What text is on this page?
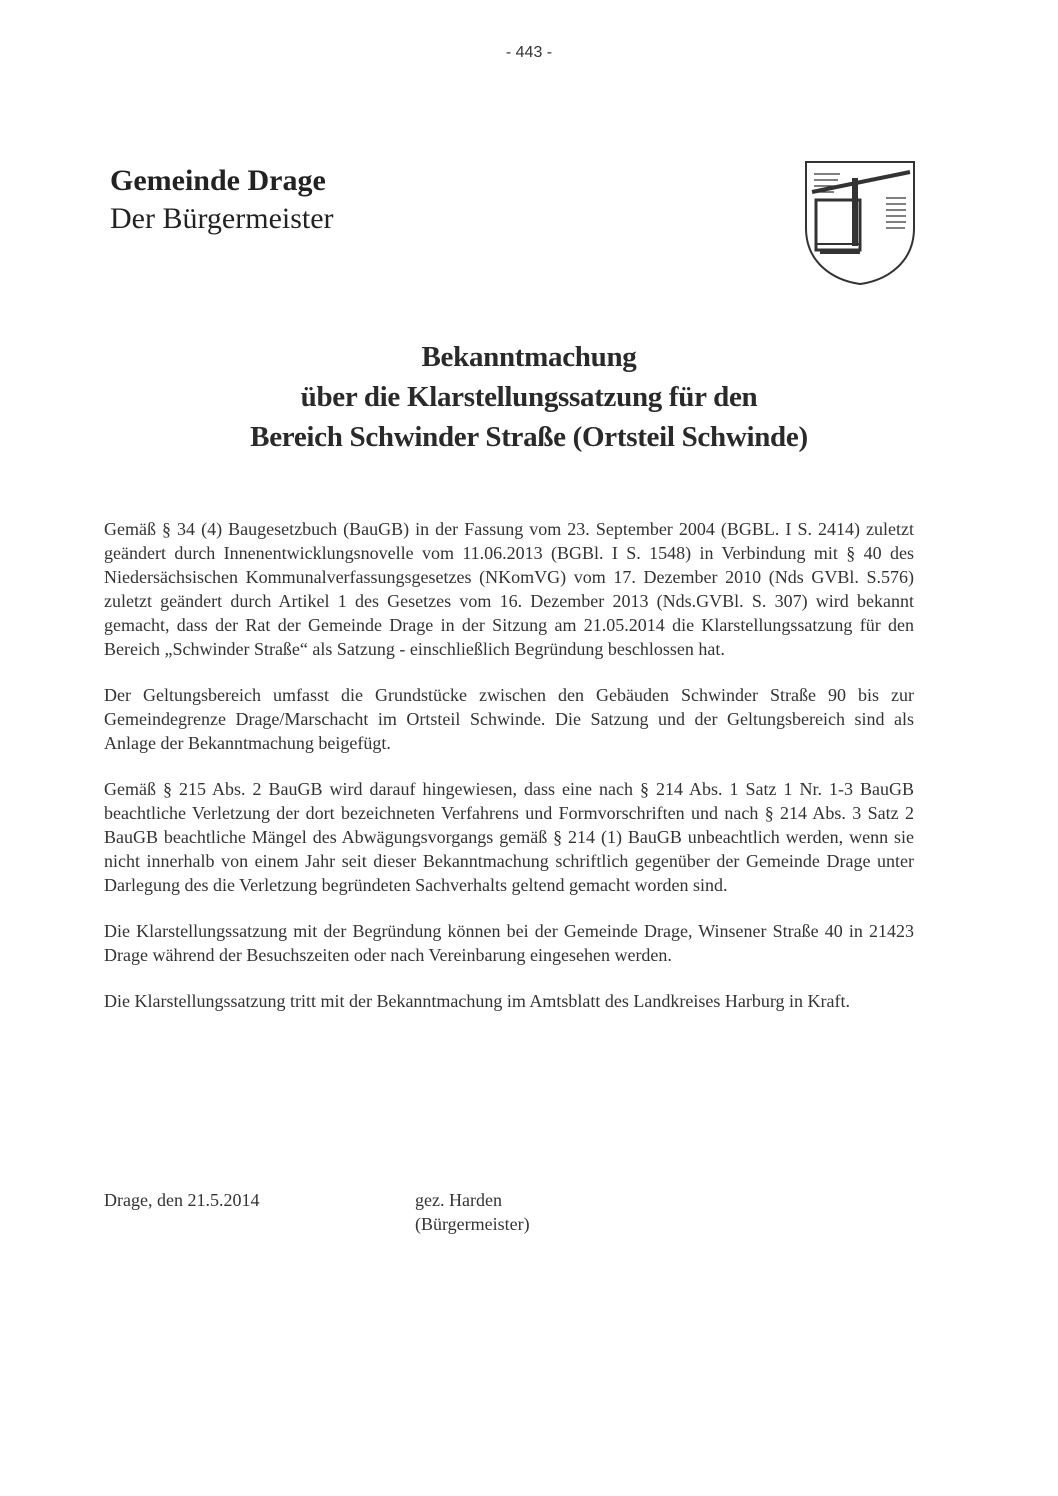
- 443 -

Gemeinde Drage

Der Bürgermeister

Bekanntmachung

über die Klarstellungssatzung für den

Bereich Schwinder Straße (Ortsteil Schwinde)

Gemäß § 34 (4) Baugesetzbuch (BauGB) in der Fassung vom 23. September 2004 (BGBL. I S. 2414) zuletzt geändert durch Innenentwicklungsnovelle vom 11.06.2013 (BGBl. I S. 1548) in Verbindung mit § 40 des Niedersächsischen Kommunalverfassungsgesetzes (NKomVG) vom 17. Dezember 2010 (Nds GVBl. S.576) zuletzt geändert durch Artikel 1 des Gesetzes vom 16. Dezember 2013 (Nds.GVBl. S. 307) wird bekannt gemacht, dass der Rat der Gemeinde Drage in der Sitzung am 21.05.2014 die Klarstellungssatzung für den Bereich „Schwinder Straße“ als Satzung - einschließlich Begründung beschlossen hat.

Der Geltungsbereich umfasst die Grundstücke zwischen den Gebäuden Schwinder Straße 90 bis zur Gemeindegrenze Drage/Marschacht im Ortsteil Schwinde. Die Satzung und der Geltungsbereich sind als Anlage der Bekanntmachung beigefügt.

Gemäß § 215 Abs. 2 BauGB wird darauf hingewiesen, dass eine nach § 214 Abs. 1 Satz 1 Nr. 1-3 BauGB beachtliche Verletzung der dort bezeichneten Verfahrens und Formvorschriften und nach § 214 Abs. 3 Satz 2 BauGB beachtliche Mängel des Abwägungsvorgangs gemäß § 214 (1) BauGB unbeachtlich werden, wenn sie nicht innerhalb von einem Jahr seit dieser Bekanntmachung schriftlich gegenüber der Gemeinde Drage unter Darlegung des die Verletzung begründeten Sachverhalts geltend gemacht worden sind.

Die Klarstellungssatzung mit der Begründung können bei der Gemeinde Drage, Winsener Straße 40 in 21423 Drage während der Besuchszeiten oder nach Vereinbarung eingesehen werden.

Die Klarstellungssatzung tritt mit der Bekanntmachung im Amtsblatt des Landkreises Harburg in Kraft.

Drage, den 21.5.2014	gez. Harden
(Bürgermeister)
